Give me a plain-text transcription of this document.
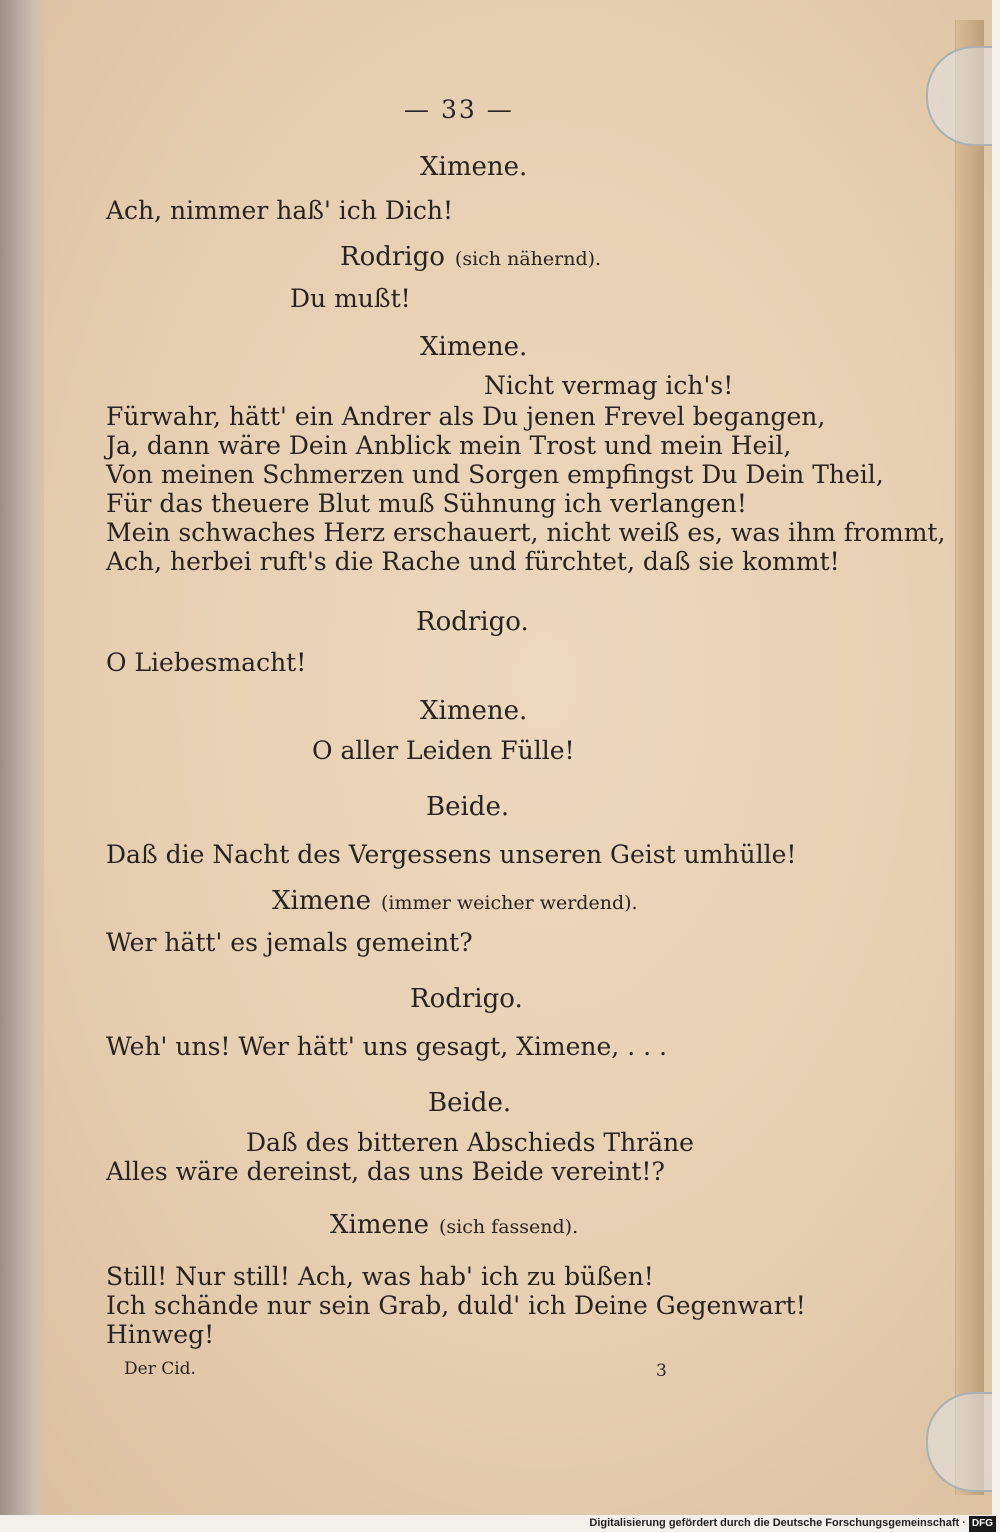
— 33 —
Ximene.
Ach, nimmer haß' ich Dich!
Rodrigo (sich nähernd).
Du mußt!
Ximene.
Nicht vermag ich's!
Fürwahr, hätt' ein Andrer als Du jenen Frevel begangen,
Ja, dann wäre Dein Anblick mein Trost und mein Heil,
Von meinen Schmerzen und Sorgen empfingst Du Dein Theil,
Für das theuere Blut muß Sühnung ich verlangen!
Mein schwaches Herz erschauert, nicht weiß es, was ihm frommt,
Ach, herbei ruft's die Rache und fürchtet, daß sie kommt!
Rodrigo.
O Liebesmacht!
Ximene.
O aller Leiden Fülle!
Beide.
Daß die Nacht des Vergessens unseren Geist umhülle!
Ximene (immer weicher werdend).
Wer hätt' es jemals gemeint?
Rodrigo.
Weh' uns! Wer hätt' uns gesagt, Ximene, . . .
Beide.
Daß des bitteren Abschieds Thräne
Alles wäre dereinst, das uns Beide vereint!?
Ximene (sich fassend).
Still! Nur still! Ach, was hab' ich zu büßen!
Ich schände nur sein Grab, duld' ich Deine Gegenwart!
Hinweg!
Der Cid.	3
Digitalisierung gefördert durch die Deutsche Forschungsgemeinschaft · DFG
